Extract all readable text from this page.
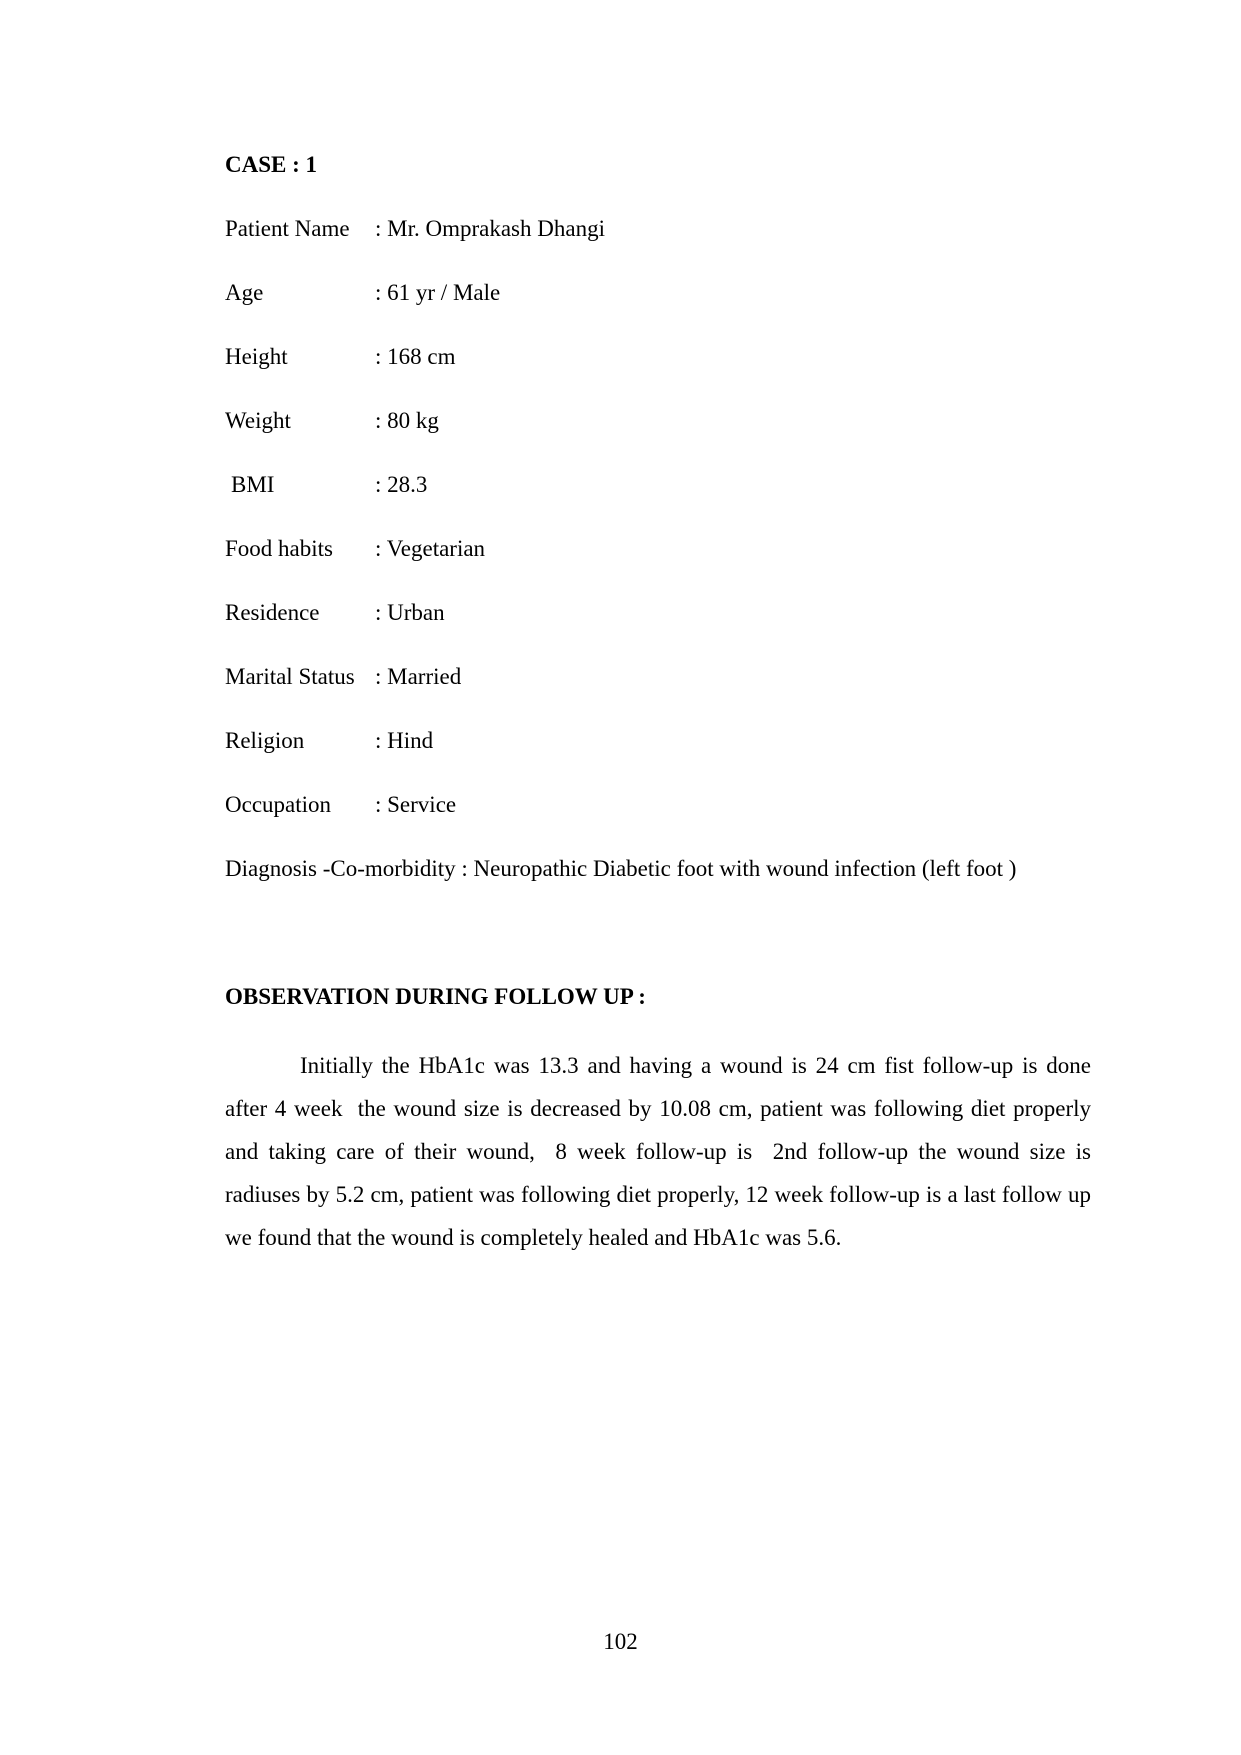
CASE : 1
Patient Name	: Mr. Omprakash Dhangi
Age	: 61 yr / Male
Height	: 168 cm
Weight	: 80 kg
BMI	: 28.3
Food habits	: Vegetarian
Residence	: Urban
Marital Status : Married
Religion	: Hind
Occupation	: Service
Diagnosis -Co-morbidity : Neuropathic Diabetic foot with wound infection (left foot )
OBSERVATION DURING FOLLOW UP :

Initially the HbA1c was 13.3 and having a wound is 24 cm fist follow-up is done after 4 week  the wound size is decreased by 10.08 cm, patient was following diet properly and taking care of their wound,  8 week follow-up is  2nd follow-up the wound size is radiuses by 5.2 cm, patient was following diet properly, 12 week follow-up is a last follow up we found that the wound is completely healed and HbA1c was 5.6.

102
